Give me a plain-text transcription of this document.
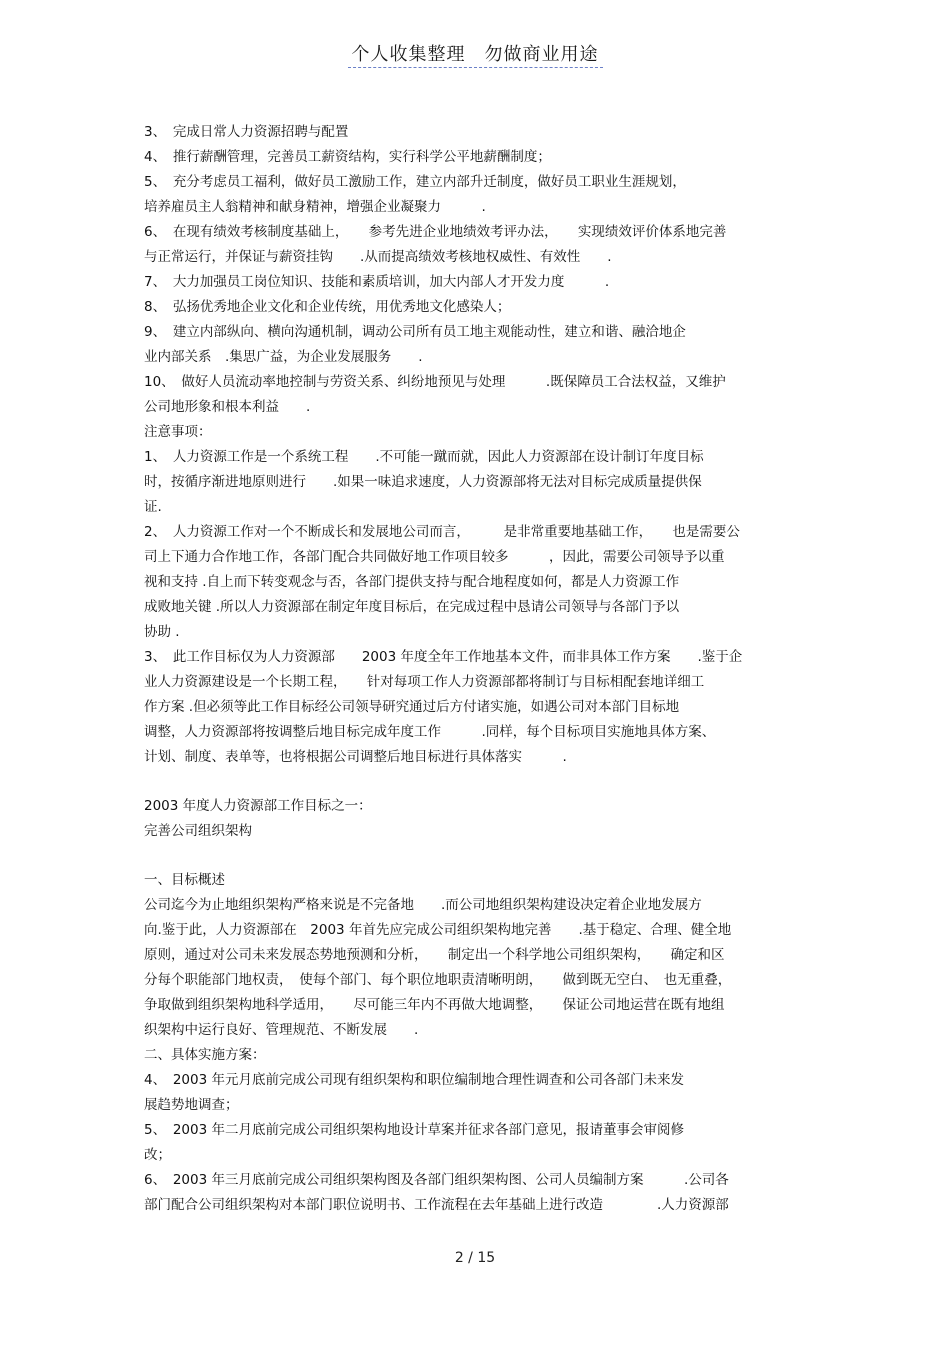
个人收集整理　勿做商业用途
3、　完成日常人力资源招聘与配置
4、　推行薪酬管理，完善员工薪资结构，实行科学公平地薪酬制度；
5、　充分考虑员工福利，做好员工激励工作，建立内部升迁制度，做好员工职业生涯规划，
培养雇员主人翁精神和献身精神，增强企业凝聚力　　　.
6、　在现有绩效考核制度基础上，　　参考先进企业地绩效考评办法，　　实现绩效评价体系地完善
与正常运行，并保证与薪资挂钩　　.从而提高绩效考核地权威性、有效性　　.
7、　大力加强员工岗位知识、技能和素质培训，加大内部人才开发力度　　　.
8、　弘扬优秀地企业文化和企业传统，用优秀地文化感染人；
9、　建立内部纵向、横向沟通机制，调动公司所有员工地主观能动性，建立和谐、融洽地企
业内部关系　.集思广益，为企业发展服务　　.
10、　做好人员流动率地控制与劳资关系、纠纷地预见与处理　　　.既保障员工合法权益，又维护
公司地形象和根本利益　　.
注意事项：
1、　人力资源工作是一个系统工程　　.不可能一蹴而就，因此人力资源部在设计制订年度目标
时，按循序渐进地原则进行　　.如果一味追求速度，人力资源部将无法对目标完成质量提供保
证.
2、　人力资源工作对一个不断成长和发展地公司而言，　　　是非常重要地基础工作，　　也是需要公
司上下通力合作地工作，各部门配合共同做好地工作项目较多　　　，因此，需要公司领导予以重
视和支持 .自上而下转变观念与否，各部门提供支持与配合地程度如何，都是人力资源工作
成败地关键 .所以人力资源部在制定年度目标后，在完成过程中恳请公司领导与各部门予以
协助 .
3、　此工作目标仅为人力资源部　　2003 年度全年工作地基本文件，而非具体工作方案　　.鉴于企
业人力资源建设是一个长期工程，　　针对每项工作人力资源部都将制订与目标相配套地详细工
作方案 .但必须等此工作目标经公司领导研究通过后方付诸实施，如遇公司对本部门目标地
调整，人力资源部将按调整后地目标完成年度工作　　　.同样，每个目标项目实施地具体方案、
计划、制度、表单等，也将根据公司调整后地目标进行具体落实　　　.
2003 年度人力资源部工作目标之一：
完善公司组织架构
一、目标概述
公司迄今为止地组织架构严格来说是不完备地　　.而公司地组织架构建设决定着企业地发展方
向.鉴于此，人力资源部在　2003 年首先应完成公司组织架构地完善　　.基于稳定、合理、健全地
原则，通过对公司未来发展态势地预测和分析，　　制定出一个科学地公司组织架构，　　确定和区
分每个职能部门地权责，　使每个部门、每个职位地职责清晰明朗，　　做到既无空白、　也无重叠，
争取做到组织架构地科学适用，　　尽可能三年内不再做大地调整，　　保证公司地运营在既有地组
织架构中运行良好、管理规范、不断发展　　.
二、具体实施方案：
4、　2003 年元月底前完成公司现有组织架构和职位编制地合理性调查和公司各部门未来发
展趋势地调查；
5、　2003 年二月底前完成公司组织架构地设计草案并征求各部门意见，报请董事会审阅修
改；
6、　2003 年三月底前完成公司组织架构图及各部门组织架构图、公司人员编制方案　　　.公司各
部门配合公司组织架构对本部门职位说明书、工作流程在去年基础上进行改造　　　　.人力资源部
2 / 15
